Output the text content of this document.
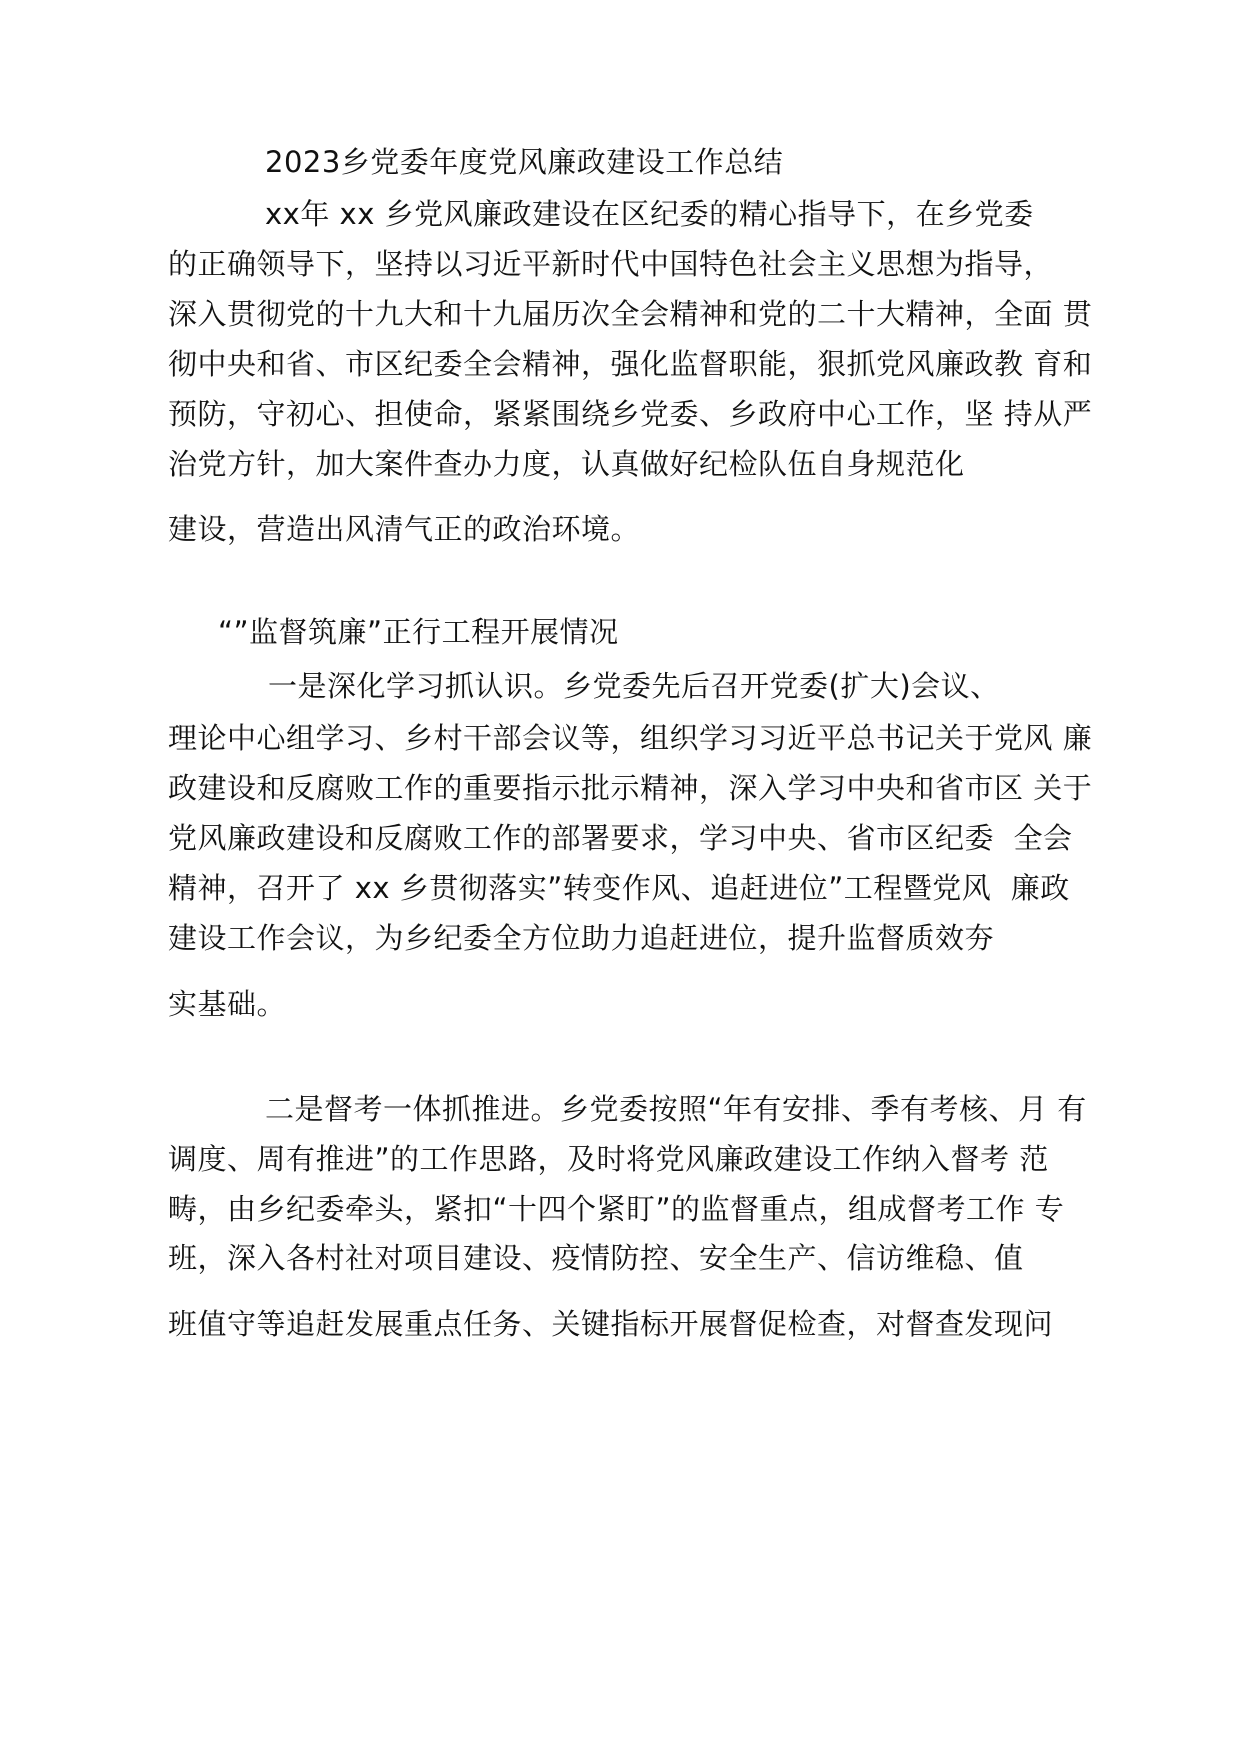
2023乡党委年度党风廉政建设工作总结
xx年 xx 乡党风廉政建设在区纪委的精心指导下，在乡党委
的正确领导下，坚持以习近平新时代中国特色社会主义思想为指导，
深入贯彻党的十九大和十九届历次全会精神和党的二十大精神，全面 贯
彻中央和省、市区纪委全会精神，强化监督职能，狠抓党风廉政教 育和
预防，守初心、担使命，紧紧围绕乡党委、乡政府中心工作，坚 持从严
治党方针，加大案件查办力度，认真做好纪检队伍自身规范化
建设，营造出风清气正的政治环境。
“”监督筑廉”正行工程开展情况
一是深化学习抓认识。乡党委先后召开党委(扩大)会议、
理论中心组学习、乡村干部会议等，组织学习习近平总书记关于党风 廉
政建设和反腐败工作的重要指示批示精神，深入学习中央和省市区 关于
党风廉政建设和反腐败工作的部署要求，学习中央、省市区纪委  全会
精神，召开了 xx 乡贯彻落实”转变作风、追赶进位”工程暨党风  廉政
建设工作会议，为乡纪委全方位助力追赶进位，提升监督质效夯
实基础。
二是督考一体抓推进。乡党委按照“年有安排、季有考核、月 有
调度、周有推进”的工作思路，及时将党风廉政建设工作纳入督考 范
畴，由乡纪委牵头，紧扣“十四个紧盯”的监督重点，组成督考工作 专
班，深入各村社对项目建设、疫情防控、安全生产、信访维稳、值
班值守等追赶发展重点任务、关键指标开展督促检查，对督查发现问
